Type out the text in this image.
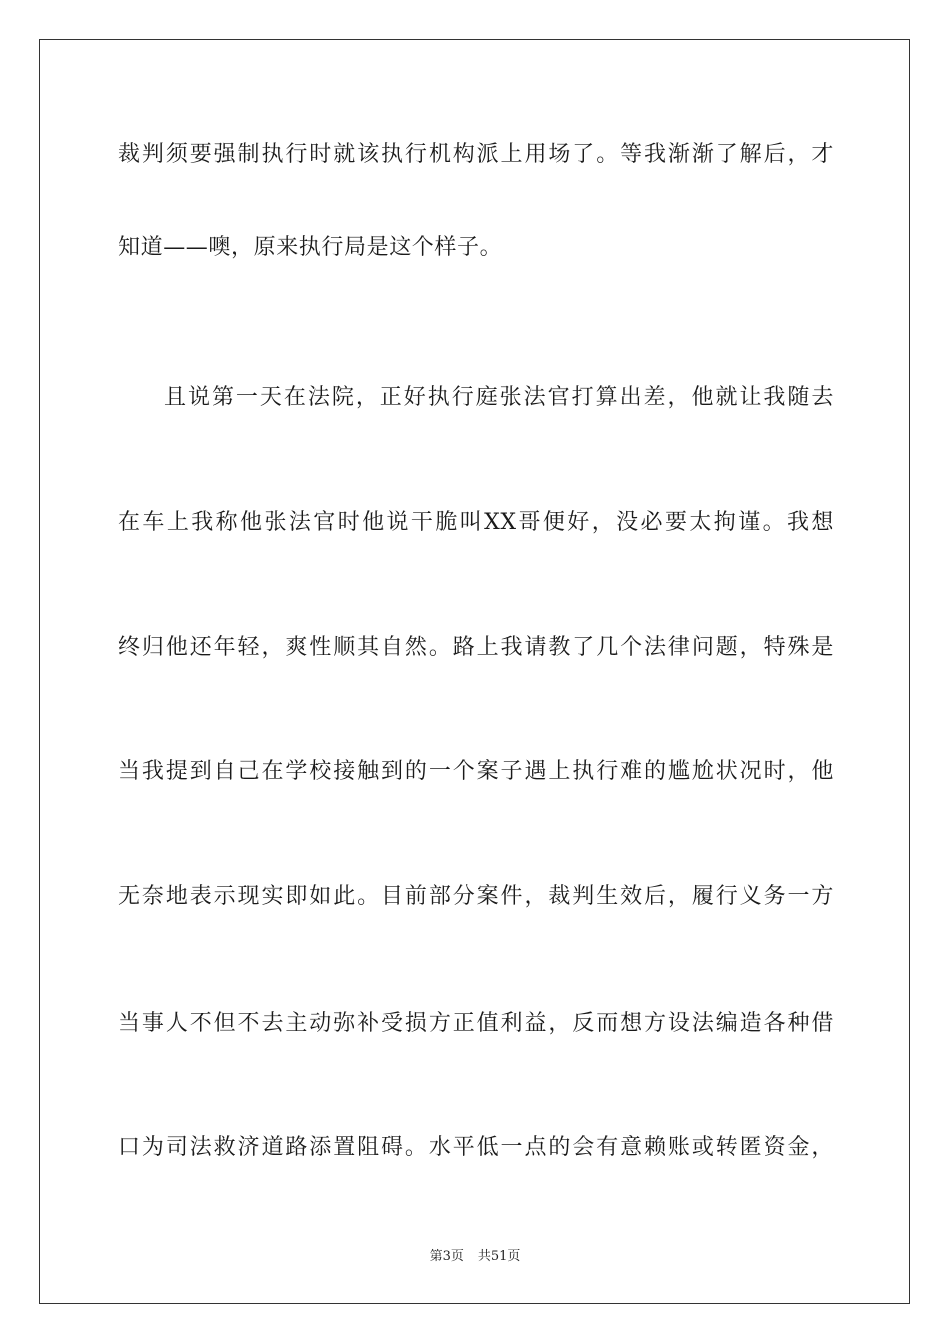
裁判须要强制执行时就该执行机构派上用场了。等我渐渐了解后，才
知道——噢，原来执行局是这个样子。
且说第一天在法院，正好执行庭张法官打算出差，他就让我随去
在车上我称他张法官时他说干脆叫XX哥便好，没必要太拘谨。我想
终归他还年轻，爽性顺其自然。路上我请教了几个法律问题，特殊是
当我提到自己在学校接触到的一个案子遇上执行难的尴尬状况时，他
无奈地表示现实即如此。目前部分案件，裁判生效后，履行义务一方
当事人不但不去主动弥补受损方正值利益，反而想方设法编造各种借
口为司法救济道路添置阻碍。水平低一点的会有意赖账或转匿资金，
第3页 共51页
